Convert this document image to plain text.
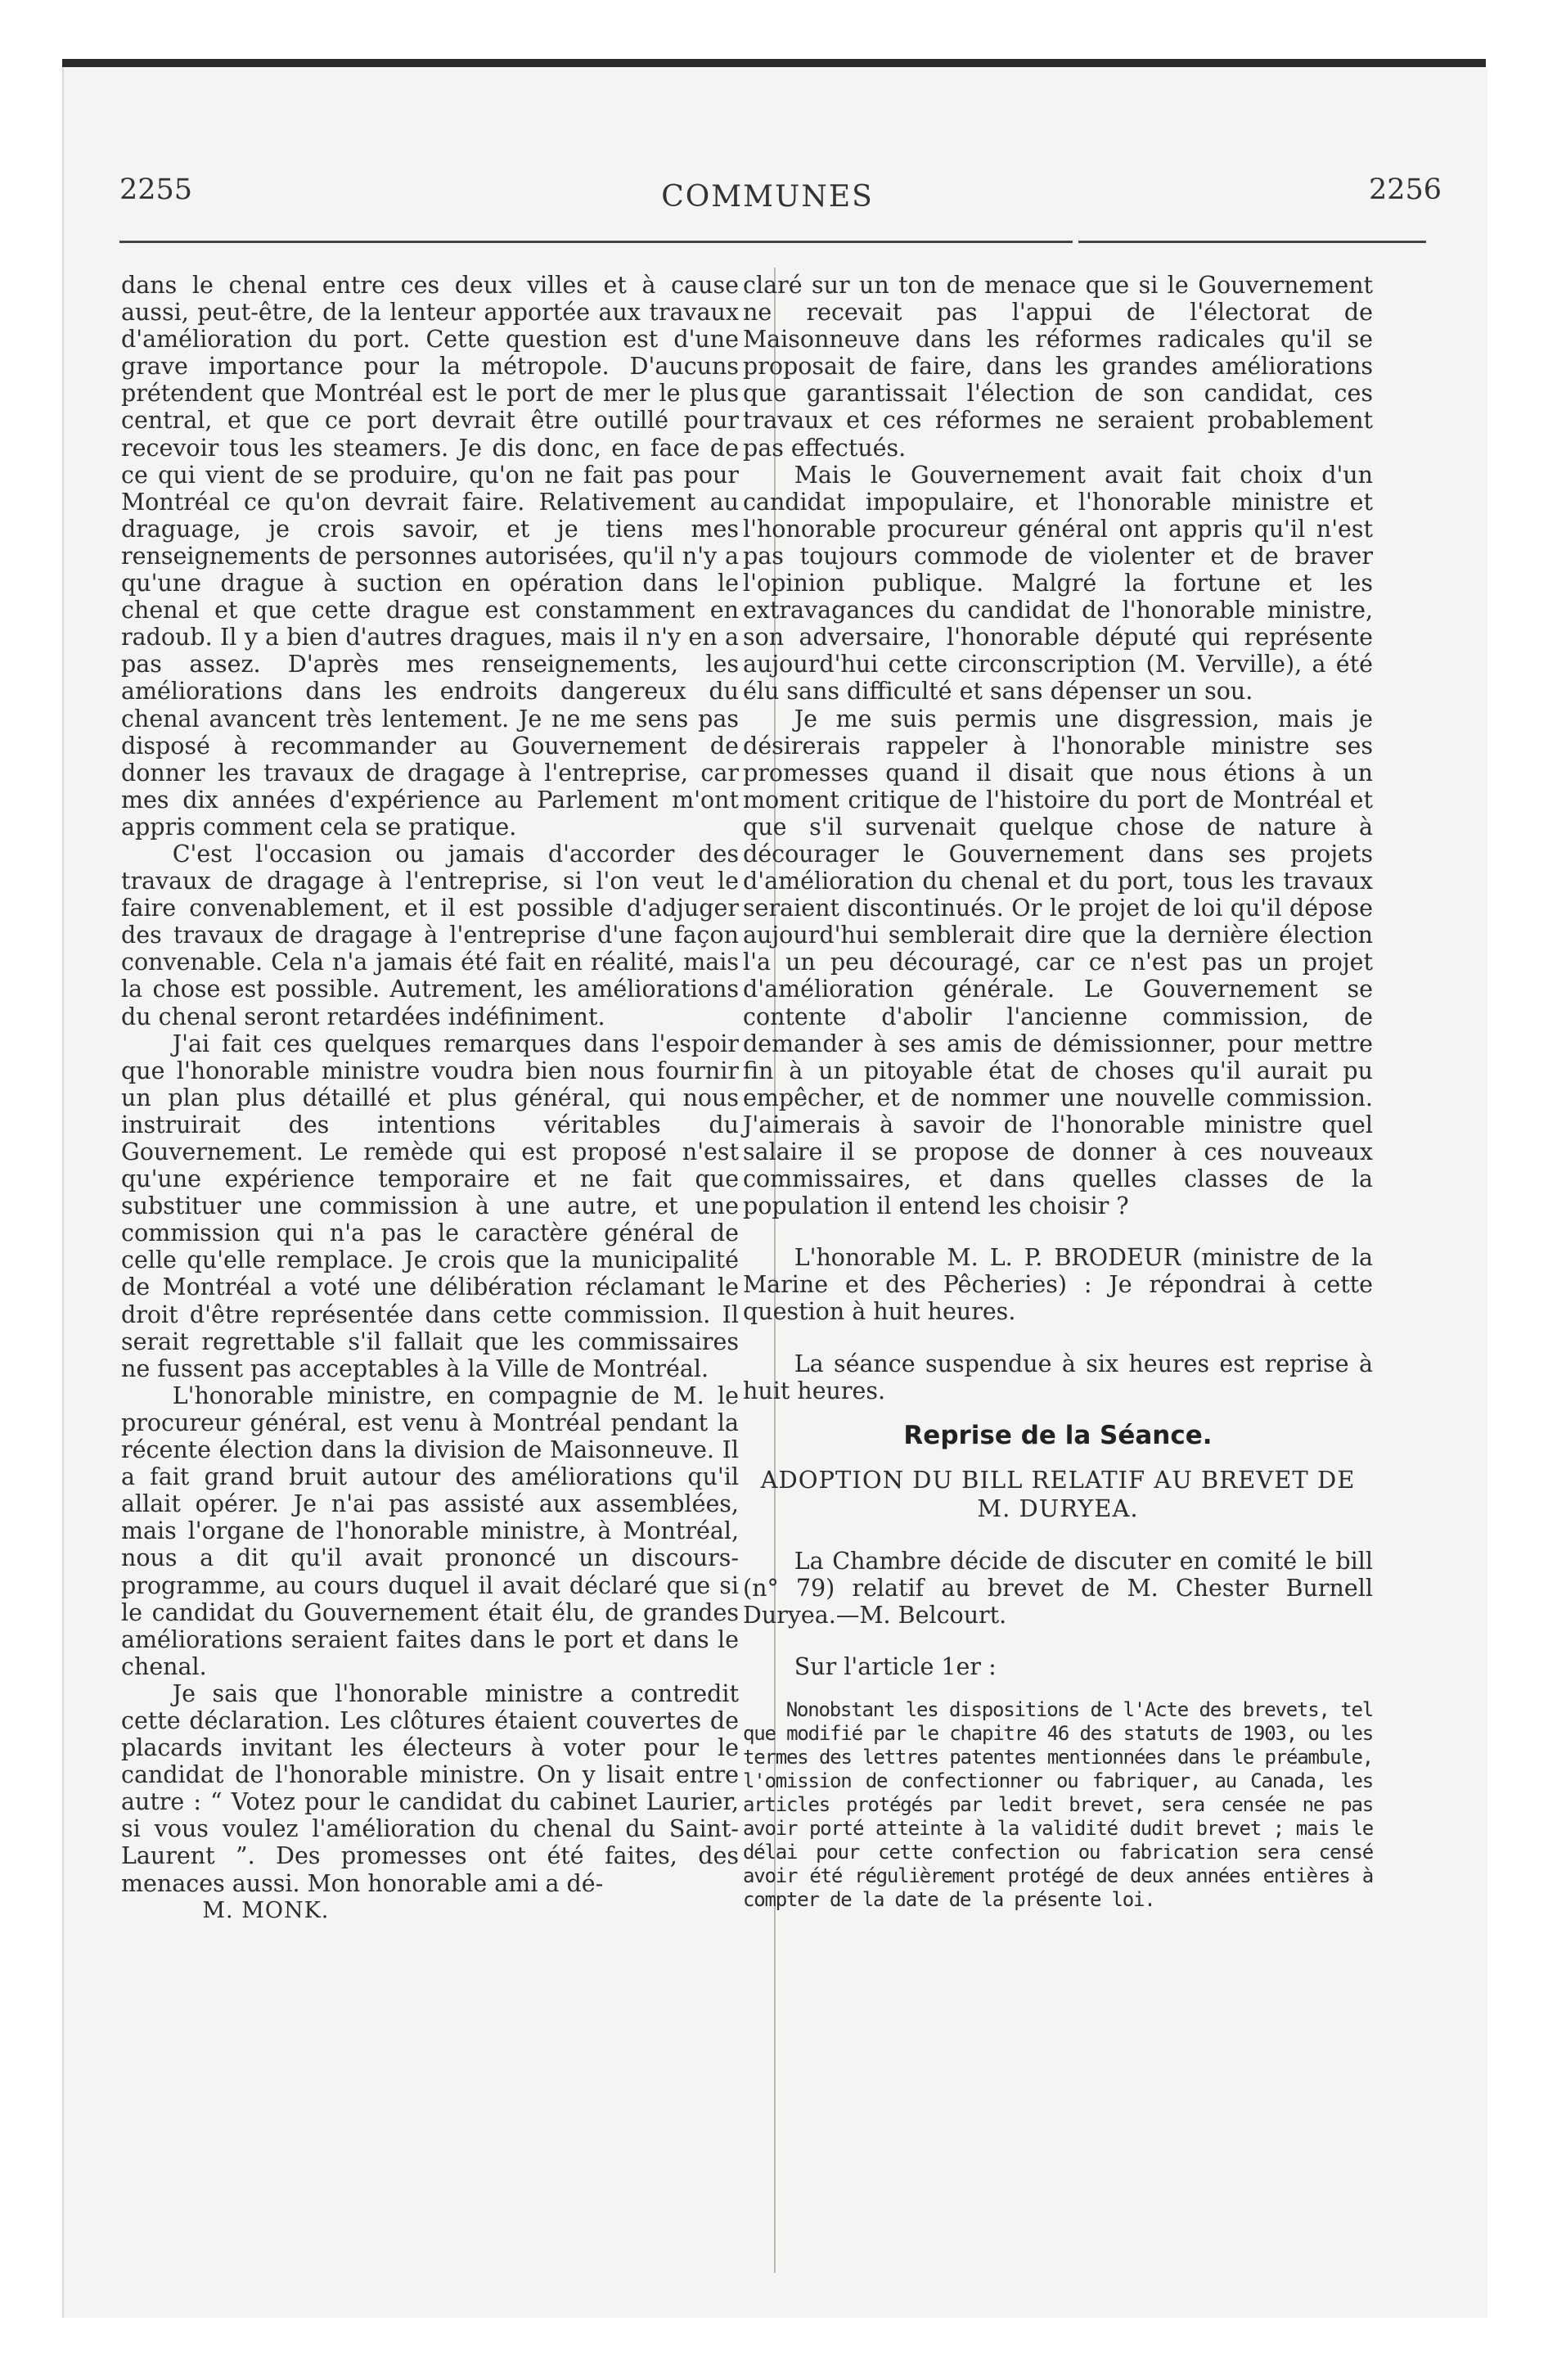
2255	COMMUNES	2256

dans le chenal entre ces deux villes et à cause aussi, peut-être, de la lenteur apportée aux travaux d'amélioration du port. Cette question est d'une grave importance pour la métropole. D'aucuns prétendent que Montréal est le port de mer le plus central, et que ce port devrait être outillé pour recevoir tous les steamers. Je dis donc, en face de ce qui vient de se produire, qu'on ne fait pas pour Montréal ce qu'on devrait faire. Relativement au draguage, je crois savoir, et je tiens mes renseignements de personnes autorisées, qu'il n'y a qu'une drague à suction en opération dans le chenal et que cette drague est constamment en radoub. Il y a bien d'autres dragues, mais il n'y en a pas assez. D'après mes renseignements, les améliorations dans les endroits dangereux du chenal avancent très lentement. Je ne me sens pas disposé à recommander au Gouvernement de donner les travaux de dragage à l'entreprise, car mes dix années d'expérience au Parlement m'ont appris comment cela se pratique.

C'est l'occasion ou jamais d'accorder des travaux de dragage à l'entreprise, si l'on veut le faire convenablement, et il est possible d'adjuger des travaux de dragage à l'entreprise d'une façon convenable. Cela n'a jamais été fait en réalité, mais la chose est possible. Autrement, les améliorations du chenal seront retardées indéfiniment.

J'ai fait ces quelques remarques dans l'espoir que l'honorable ministre voudra bien nous fournir un plan plus détaillé et plus général, qui nous instruirait des intentions véritables du Gouvernement. Le remède qui est proposé n'est qu'une expérience temporaire et ne fait que substituer une commission à une autre, et une commission qui n'a pas le caractère général de celle qu'elle remplace. Je crois que la municipalité de Montréal a voté une délibération réclamant le droit d'être représentée dans cette commission. Il serait regrettable s'il fallait que les commissaires ne fussent pas acceptables à la Ville de Montréal.

L'honorable ministre, en compagnie de M. le procureur général, est venu à Montréal pendant la récente élection dans la division de Maisonneuve. Il a fait grand bruit autour des améliorations qu'il allait opérer. Je n'ai pas assisté aux assemblées, mais l'organe de l'honorable ministre, à Montréal, nous a dit qu'il avait prononcé un discours-programme, au cours duquel il avait déclaré que si le candidat du Gouvernement était élu, de grandes améliorations seraient faites dans le port et dans le chenal.

Je sais que l'honorable ministre a contredit cette déclaration. Les clôtures étaient couvertes de placards invitant les électeurs à voter pour le candidat de l'honorable ministre. On y lisait entre autre : “ Votez pour le candidat du cabinet Laurier, si vous voulez l'amélioration du chenal du Saint-Laurent ”. Des promesses ont été faites, des menaces aussi. Mon honorable ami a dé-

M. MONK.

claré sur un ton de menace que si le Gouvernement ne recevait pas l'appui de l'électorat de Maisonneuve dans les réformes radicales qu'il se proposait de faire, dans les grandes améliorations que garantissait l'élection de son candidat, ces travaux et ces réformes ne seraient probablement pas effectués.

Mais le Gouvernement avait fait choix d'un candidat impopulaire, et l'honorable ministre et l'honorable procureur général ont appris qu'il n'est pas toujours commode de violenter et de braver l'opinion publique. Malgré la fortune et les extravagances du candidat de l'honorable ministre, son adversaire, l'honorable député qui représente aujourd'hui cette circonscription (M. Verville), a été élu sans difficulté et sans dépenser un sou.

Je me suis permis une disgression, mais je désirerais rappeler à l'honorable ministre ses promesses quand il disait que nous étions à un moment critique de l'histoire du port de Montréal et que s'il survenait quelque chose de nature à décourager le Gouvernement dans ses projets d'amélioration du chenal et du port, tous les travaux seraient discontinués. Or le projet de loi qu'il dépose aujourd'hui semblerait dire que la dernière élection l'a un peu découragé, car ce n'est pas un projet d'amélioration générale. Le Gouvernement se contente d'abolir l'ancienne commission, de demander à ses amis de démissionner, pour mettre fin à un pitoyable état de choses qu'il aurait pu empêcher, et de nommer une nouvelle commission. J'aimerais à savoir de l'honorable ministre quel salaire il se propose de donner à ces nouveaux commissaires, et dans quelles classes de la population il entend les choisir ?

L'honorable M. L. P. BRODEUR (ministre de la Marine et des Pêcheries) : Je répondrai à cette question à huit heures.

La séance suspendue à six heures est reprise à huit heures.

Reprise de la Séance.
ADOPTION DU BILL RELATIF AU BREVET DE M. DURYEA.

La Chambre décide de discuter en comité le bill (n° 79) relatif au brevet de M. Chester Burnell Duryea.—M. Belcourt.

Sur l'article 1er :

Nonobstant les dispositions de l'Acte des brevets, tel que modifié par le chapitre 46 des statuts de 1903, ou les termes des lettres patentes mentionnées dans le préambule, l'omission de confectionner ou fabriquer, au Canada, les articles protégés par ledit brevet, sera censée ne pas avoir porté atteinte à la validité dudit brevet ; mais le délai pour cette confection ou fabrication sera censé avoir été régulièrement protégé de deux années entières à compter de la date de la présente loi.
